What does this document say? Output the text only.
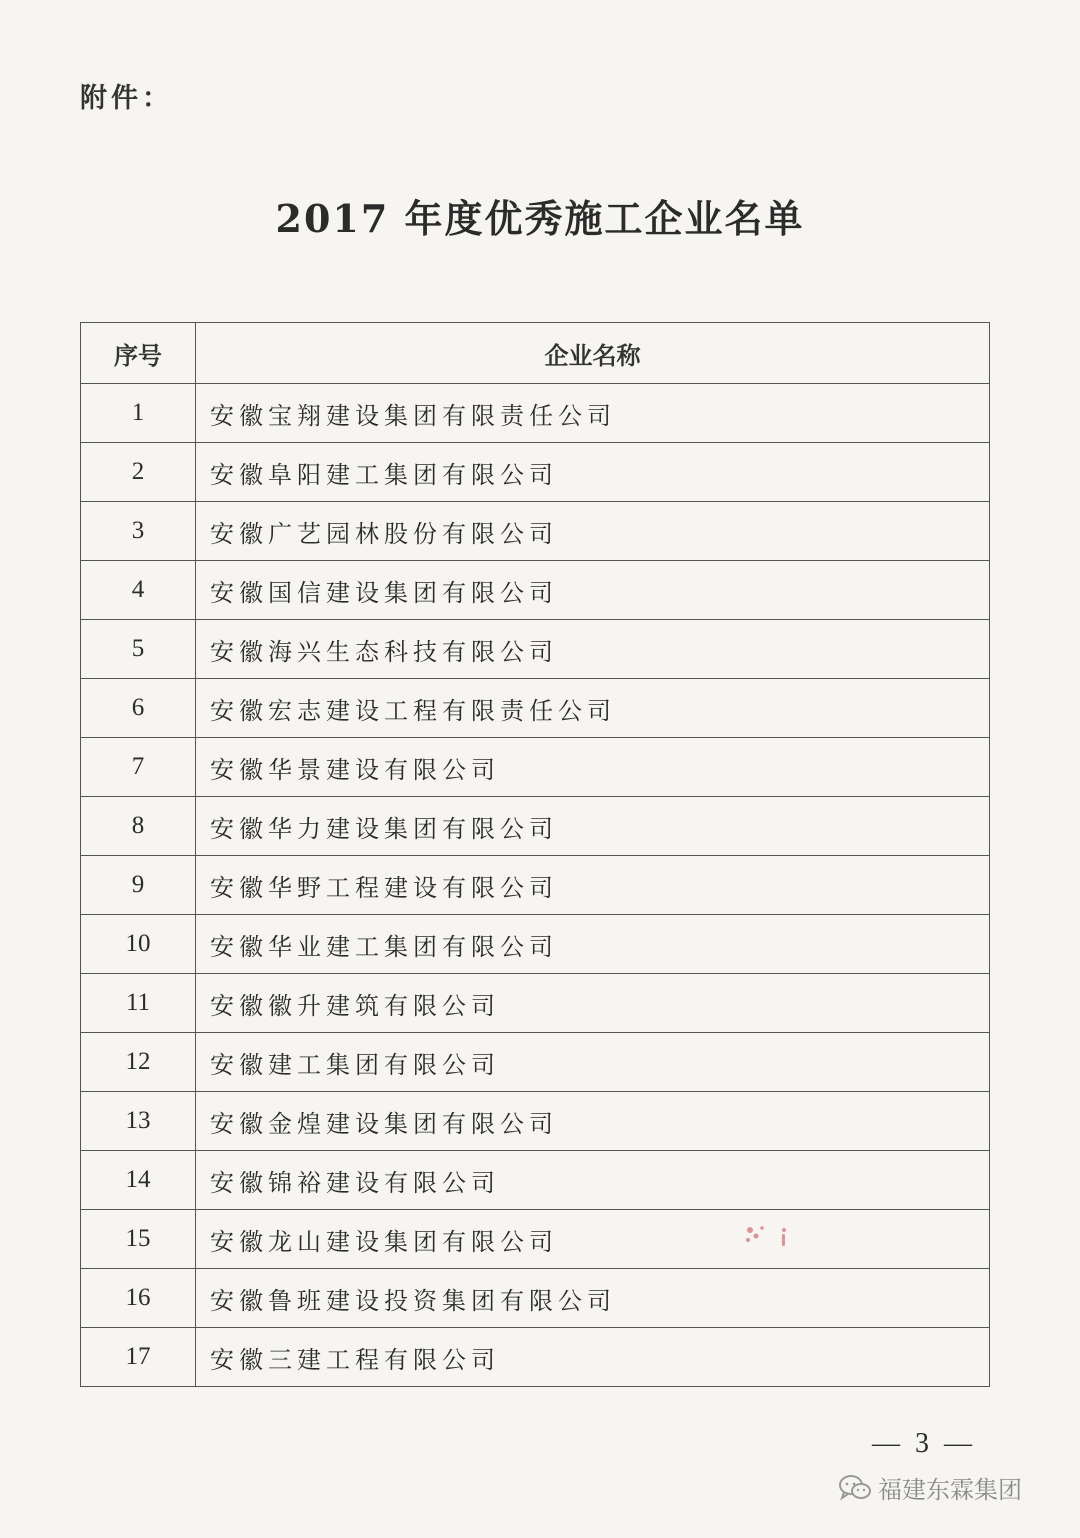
附件：
2017 年度优秀施工企业名单
序号	企业名称
1	安徽宝翔建设集团有限责任公司
2	安徽阜阳建工集团有限公司
3	安徽广艺园林股份有限公司
4	安徽国信建设集团有限公司
5	安徽海兴生态科技有限公司
6	安徽宏志建设工程有限责任公司
7	安徽华景建设有限公司
8	安徽华力建设集团有限公司
9	安徽华野工程建设有限公司
10	安徽华业建工集团有限公司
11	安徽徽升建筑有限公司
12	安徽建工集团有限公司
13	安徽金煌建设集团有限公司
14	安徽锦裕建设有限公司
15	安徽龙山建设集团有限公司
16	安徽鲁班建设投资集团有限公司
17	安徽三建工程有限公司
— 3 —
福建东霖集团
